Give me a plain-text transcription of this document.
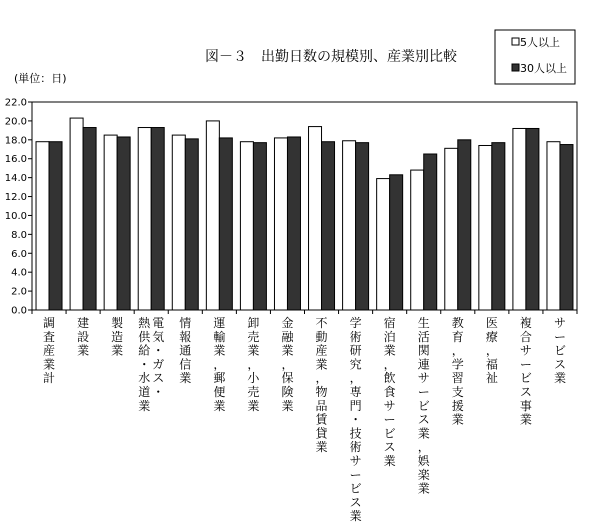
図－３　出勤日数の規模別、産業別比較
(単位：日)
5人以上
30人以上
0.0
2.0
4.0
6.0
8.0
10.0
12.0
14.0
16.0
18.0
20.0
22.0
調査産業計
建設業
製造業
熱供給・水道業
電気・ガス・
情報通信業
運輸業，郵便業
卸売業，小売業
金融業，保険業
不動産業，物品賃貸業
学術研究，専門・技術サービス業
宿泊業，飲食サービス業
生活関連サービス業，娯楽業
教育，学習支援業
医療，福祉
複合サービス事業
サービス業
